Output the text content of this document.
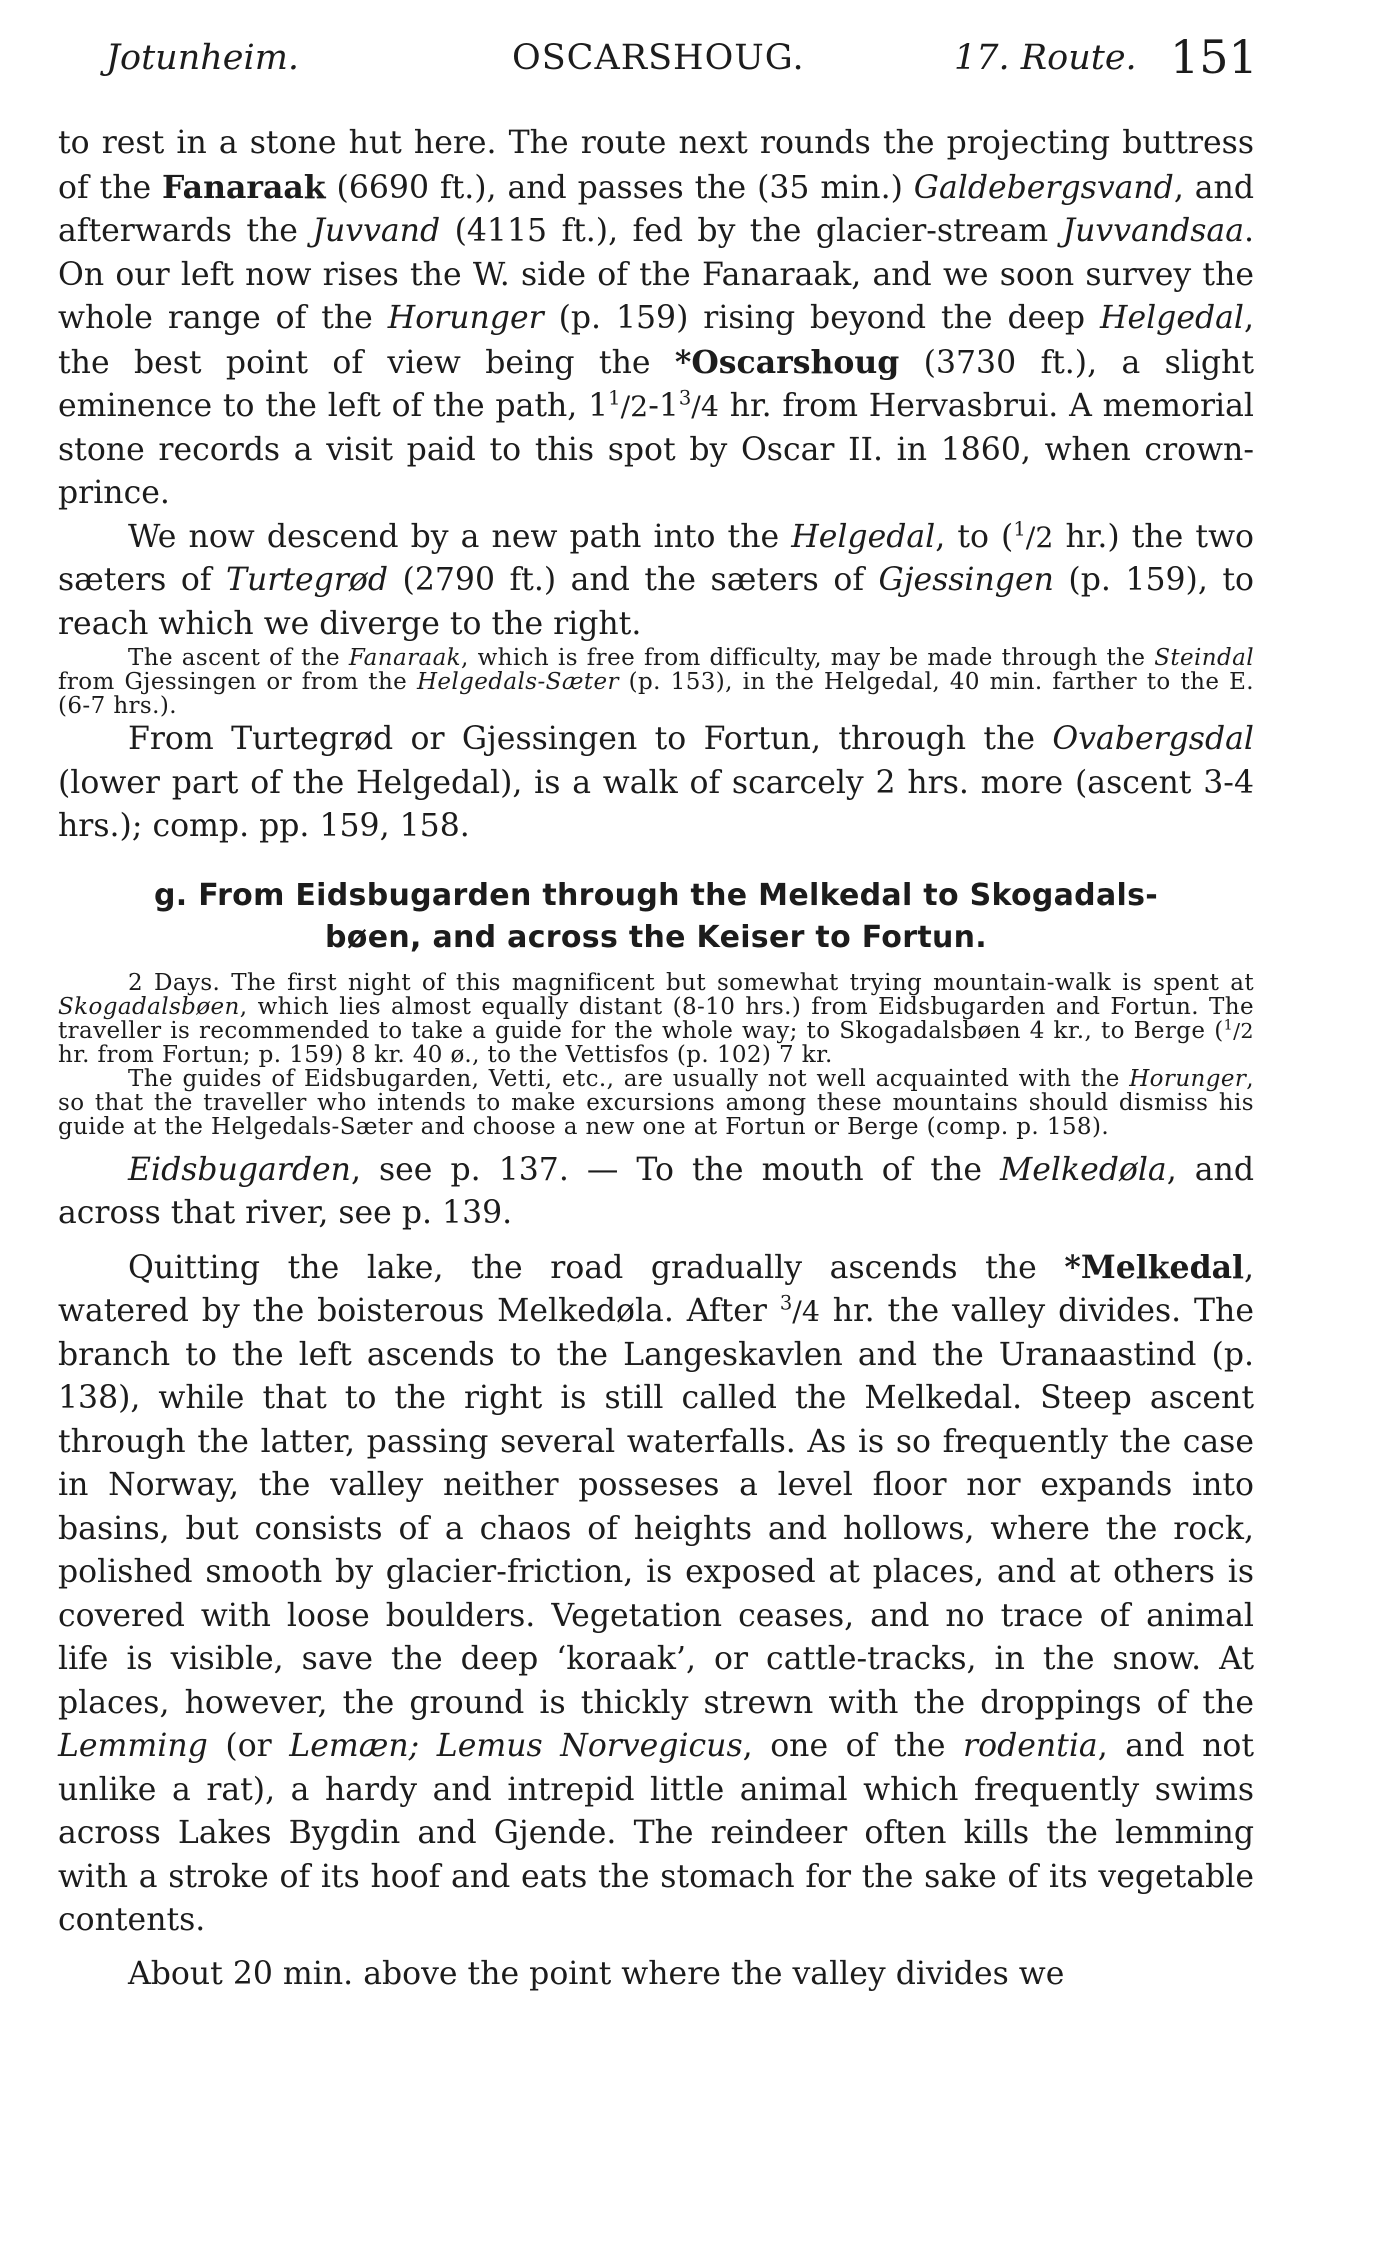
Jotunheim.	OSCARSHOUG.	17. Route. 151

to rest in a stone hut here. The route next rounds the projecting buttress of the Fanaraak (6690 ft.), and passes the (35 min.) Galdebergsvand, and afterwards the Juvvand (4115 ft.), fed by the glacier-stream Juvvandsaa. On our left now rises the W. side of the Fanaraak, and we soon survey the whole range of the Horunger (p. 159) rising beyond the deep Helgedal, the best point of view being the *Oscarshoug (3730 ft.), a slight eminence to the left of the path, $1^1/2-1^3/4$ hr. from Hervasbrui. A memorial stone records a visit paid to this spot by Oscar II. in 1860, when crown-prince.

We now descend by a new path into the Helgedal, to ($^1$/2 hr.) the two sæters of Turtegrød (2790 ft.) and the sæters of Gjessingen (p. 159), to reach which we diverge to the right.

The ascent of the Fanaraak, which is free from difficulty, may be made through the Steindal from Gjessingen or from the Helgedals-Sæter (p. 153), in the Helgedal, 40 min. farther to the E. (6-7 hrs.).

From Turtegrød or Gjessingen to Fortun, through the Ovabergsdal (lower part of the Helgedal), is a walk of scarcely 2 hrs. more (ascent 3-4 hrs.); comp. pp. 159, 158.

g. From Eidsbugarden through the Melkedal to Skogadals-
bøen, and across the Keiser to Fortun.

2 Days. The first night of this magnificent but somewhat trying mountain-walk is spent at Skogadalsbøen, which lies almost equally distant (8-10 hrs.) from Eidsbugarden and Fortun. The traveller is recommended to take a guide for the whole way; to Skogadalsbøen 4 kr., to Berge ($^1$/2 hr. from Fortun; p. 159) 8 kr. 40 ø., to the Vettisfos (p. 102) 7 kr.

The guides of Eidsbugarden, Vetti, etc., are usually not well acquainted with the Horunger, so that the traveller who intends to make excursions among these mountains should dismiss his guide at the Helgedals-Sæter and choose a new one at Fortun or Berge (comp. p. 158).

Eidsbugarden, see p. 137. — To the mouth of the Melkedøla, and across that river, see p. 139.

Quitting the lake, the road gradually ascends the *Melkedal, watered by the boisterous Melkedøla. After $^3$/4 hr. the valley divides. The branch to the left ascends to the Langeskavlen and the Uranaastind (p. 138), while that to the right is still called the Melkedal. Steep ascent through the latter, passing several waterfalls. As is so frequently the case in Norway, the valley neither posseses a level floor nor expands into basins, but consists of a chaos of heights and hollows, where the rock, polished smooth by glacier-friction, is exposed at places, and at others is covered with loose boulders. Vegetation ceases, and no trace of animal life is visible, save the deep ‘koraak’, or cattle-tracks, in the snow. At places, however, the ground is thickly strewn with the droppings of the Lemming (or Lemæn; Lemus Norvegicus, one of the rodentia, and not unlike a rat), a hardy and intrepid little animal which frequently swims across Lakes Bygdin and Gjende. The reindeer often kills the lemming with a stroke of its hoof and eats the stomach for the sake of its vegetable contents.

About 20 min. above the point where the valley divides we
